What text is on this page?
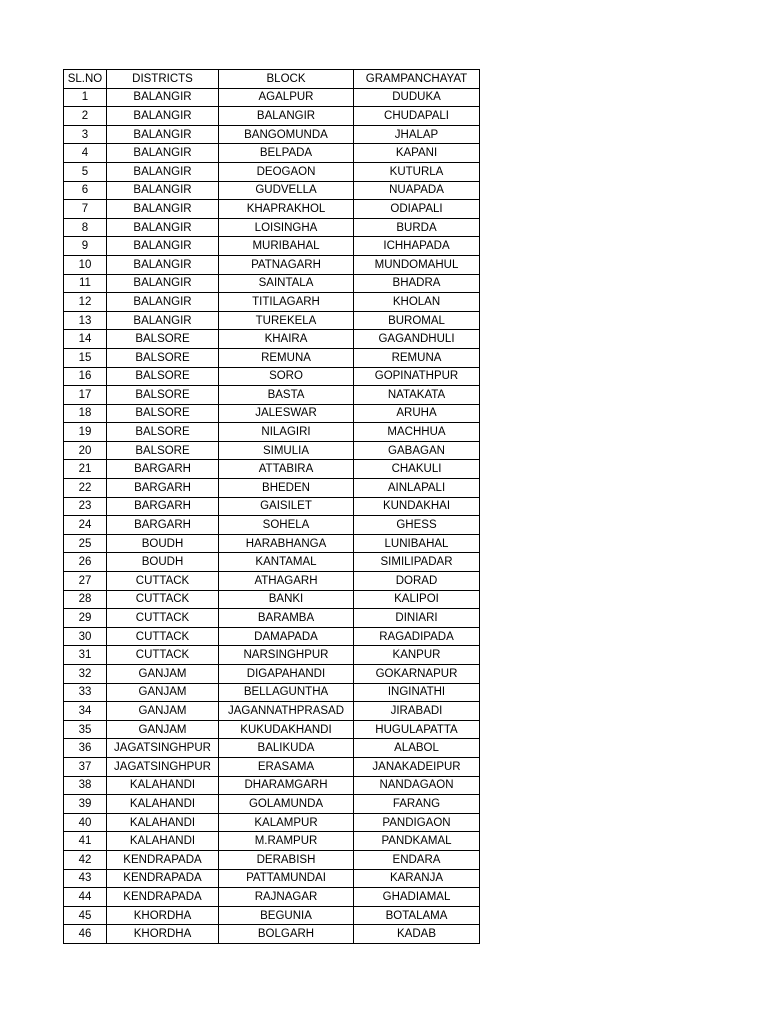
SL.NO	DISTRICTS	BLOCK	GRAMPANCHAYAT
1	BALANGIR	AGALPUR	DUDUKA
2	BALANGIR	BALANGIR	CHUDAPALI
3	BALANGIR	BANGOMUNDA	JHALAP
4	BALANGIR	BELPADA	KAPANI
5	BALANGIR	DEOGAON	KUTURLA
6	BALANGIR	GUDVELLA	NUAPADA
7	BALANGIR	KHAPRAKHOL	ODIAPALI
8	BALANGIR	LOISINGHA	BURDA
9	BALANGIR	MURIBAHAL	ICHHAPADA
10	BALANGIR	PATNAGARH	MUNDOMAHUL
11	BALANGIR	SAINTALA	BHADRA
12	BALANGIR	TITILAGARH	KHOLAN
13	BALANGIR	TUREKELA	BUROMAL
14	BALSORE	KHAIRA	GAGANDHULI
15	BALSORE	REMUNA	REMUNA
16	BALSORE	SORO	GOPINATHPUR
17	BALSORE	BASTA	NATAKATA
18	BALSORE	JALESWAR	ARUHA
19	BALSORE	NILAGIRI	MACHHUA
20	BALSORE	SIMULIA	GABAGAN
21	BARGARH	ATTABIRA	CHAKULI
22	BARGARH	BHEDEN	AINLAPALI
23	BARGARH	GAISILET	KUNDAKHAI
24	BARGARH	SOHELA	GHESS
25	BOUDH	HARABHANGA	LUNIBAHAL
26	BOUDH	KANTAMAL	SIMILIPADAR
27	CUTTACK	ATHAGARH	DORAD
28	CUTTACK	BANKI	KALIPOI
29	CUTTACK	BARAMBA	DINIARI
30	CUTTACK	DAMAPADA	RAGADIPADA
31	CUTTACK	NARSINGHPUR	KANPUR
32	GANJAM	DIGAPAHANDI	GOKARNAPUR
33	GANJAM	BELLAGUNTHA	INGINATHI
34	GANJAM	JAGANNATHPRASAD	JIRABADI
35	GANJAM	KUKUDAKHANDI	HUGULAPATTA
36	JAGATSINGHPUR	BALIKUDA	ALABOL
37	JAGATSINGHPUR	ERASAMA	JANAKADEIPUR
38	KALAHANDI	DHARAMGARH	NANDAGAON
39	KALAHANDI	GOLAMUNDA	FARANG
40	KALAHANDI	KALAMPUR	PANDIGAON
41	KALAHANDI	M.RAMPUR	PANDKAMAL
42	KENDRAPADA	DERABISH	ENDARA
43	KENDRAPADA	PATTAMUNDAI	KARANJA
44	KENDRAPADA	RAJNAGAR	GHADIAMAL
45	KHORDHA	BEGUNIA	BOTALAMA
46	KHORDHA	BOLGARH	KADAB
